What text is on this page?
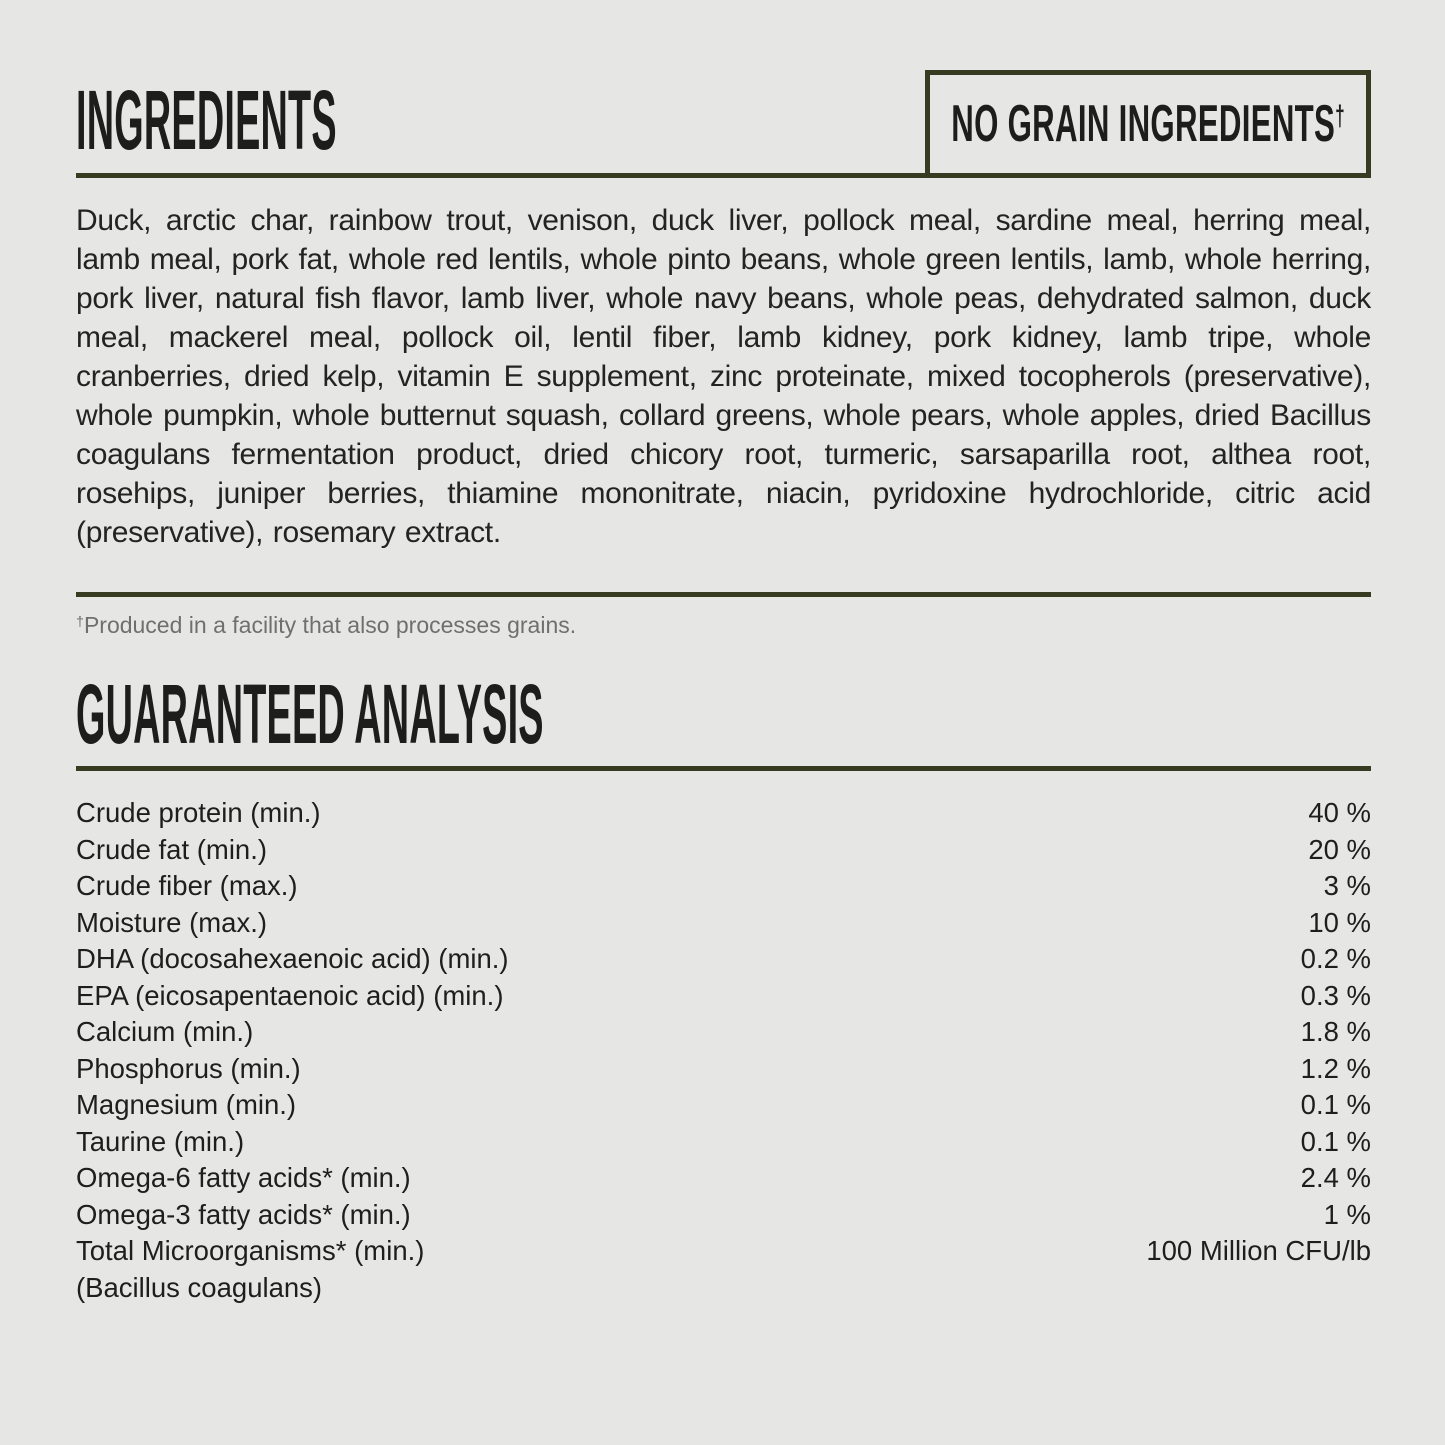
INGREDIENTS	NO GRAIN INGREDIENTS†

Duck, arctic char, rainbow trout, venison, duck liver, pollock meal, sardine meal, herring meal, lamb meal, pork fat, whole red lentils, whole pinto beans, whole green lentils, lamb, whole herring, pork liver, natural fish flavor, lamb liver, whole navy beans, whole peas, dehydrated salmon, duck meal, mackerel meal, pollock oil, lentil fiber, lamb kidney, pork kidney, lamb tripe, whole cranberries, dried kelp, vitamin E supplement, zinc proteinate, mixed tocopherols (preservative), whole pumpkin, whole butternut squash, collard greens, whole pears, whole apples, dried Bacillus coagulans fermentation product, dried chicory root, turmeric, sarsaparilla root, althea root, rosehips, juniper berries, thiamine mononitrate, niacin, pyridoxine hydrochloride, citric acid (preservative), rosemary extract.

†Produced in a facility that also processes grains.

GUARANTEED ANALYSIS
Crude protein (min.)	40 %
Crude fat (min.)	20 %
Crude fiber (max.)	3 %
Moisture (max.)	10 %
DHA (docosahexaenoic acid) (min.)	0.2 %
EPA (eicosapentaenoic acid) (min.)	0.3 %
Calcium (min.)	1.8 %
Phosphorus (min.)	1.2 %
Magnesium (min.)	0.1 %
Taurine (min.)	0.1 %
Omega-6 fatty acids* (min.)	2.4 %
Omega-3 fatty acids* (min.)	1 %
Total Microorganisms* (min.)	100 Million CFU/lb
(Bacillus coagulans)
